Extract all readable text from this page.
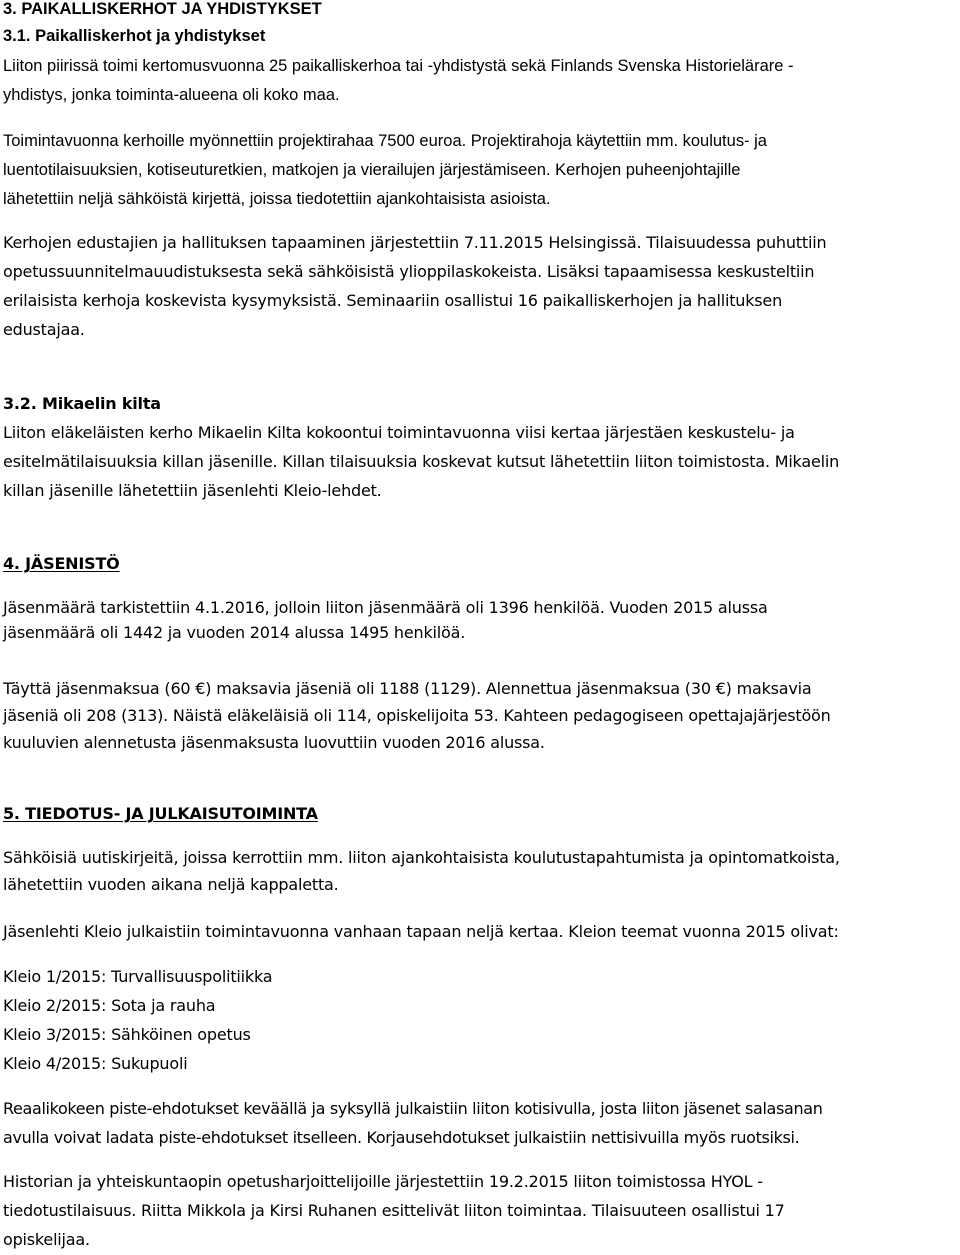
3. PAIKALLISKERHOT JA YHDISTYKSET
3.1. Paikalliskerhot ja yhdistykset
Liiton piirissä toimi kertomusvuonna 25 paikalliskerhoa tai -yhdistystä sekä Finlands Svenska Historielärare -
yhdistys, jonka toiminta-alueena oli koko maa.
Toimintavuonna kerhoille myönnettiin projektirahaa 7500 euroa. Projektirahoja käytettiin mm. koulutus- ja
luentotilaisuuksien, kotiseuturetkien, matkojen ja vierailujen järjestämiseen. Kerhojen puheenjohtajille
lähetettiin neljä sähköistä kirjettä, joissa tiedotettiin ajankohtaisista asioista.
Kerhojen edustajien ja hallituksen tapaaminen järjestettiin 7.11.2015 Helsingissä. Tilaisuudessa puhuttiin
opetussuunnitelmauudistuksesta sekä sähköisistä ylioppilaskokeista. Lisäksi tapaamisessa keskusteltiin
erilaisista kerhoja koskevista kysymyksistä. Seminaariin osallistui 16 paikalliskerhojen ja hallituksen
edustajaa.
3.2. Mikaelin kilta
Liiton eläkeläisten kerho Mikaelin Kilta kokoontui toimintavuonna viisi kertaa järjestäen keskustelu- ja
esitelmätilaisuuksia killan jäsenille. Killan tilaisuuksia koskevat kutsut lähetettiin liiton toimistosta. Mikaelin
killan jäsenille lähetettiin jäsenlehti Kleio-lehdet.
4. JÄSENISTÖ
Jäsenmäärä tarkistettiin 4.1.2016, jolloin liiton jäsenmäärä oli 1396 henkilöä. Vuoden 2015 alussa
jäsenmäärä oli 1442 ja vuoden 2014 alussa 1495 henkilöä.
Täyttä jäsenmaksua (60 €) maksavia jäseniä oli 1188 (1129). Alennettua jäsenmaksua (30 €) maksavia
jäseniä oli 208 (313). Näistä eläkeläisiä oli 114, opiskelijoita 53. Kahteen pedagogiseen opettajajärjestöön
kuuluvien alennetusta jäsenmaksusta luovuttiin vuoden 2016 alussa.
5. TIEDOTUS- JA JULKAISUTOIMINTA
Sähköisiä uutiskirjeitä, joissa kerrottiin mm. liiton ajankohtaisista koulutustapahtumista ja opintomatkoista,
lähetettiin vuoden aikana neljä kappaletta.
Jäsenlehti Kleio julkaistiin toimintavuonna vanhaan tapaan neljä kertaa. Kleion teemat vuonna 2015 olivat:
Kleio 1/2015: Turvallisuuspolitiikka
Kleio 2/2015: Sota ja rauha
Kleio 3/2015: Sähköinen opetus
Kleio 4/2015: Sukupuoli
Reaalikokeen piste-ehdotukset keväällä ja syksyllä julkaistiin liiton kotisivulla, josta liiton jäsenet salasanan
avulla voivat ladata piste-ehdotukset itselleen. Korjausehdotukset julkaistiin nettisivuilla myös ruotsiksi.
Historian ja yhteiskuntaopin opetusharjoittelijoille järjestettiin 19.2.2015 liiton toimistossa HYOL -
tiedotustilaisuus. Riitta Mikkola ja Kirsi Ruhanen esittelivät liiton toimintaa. Tilaisuuteen osallistui 17
opiskelijaa.
